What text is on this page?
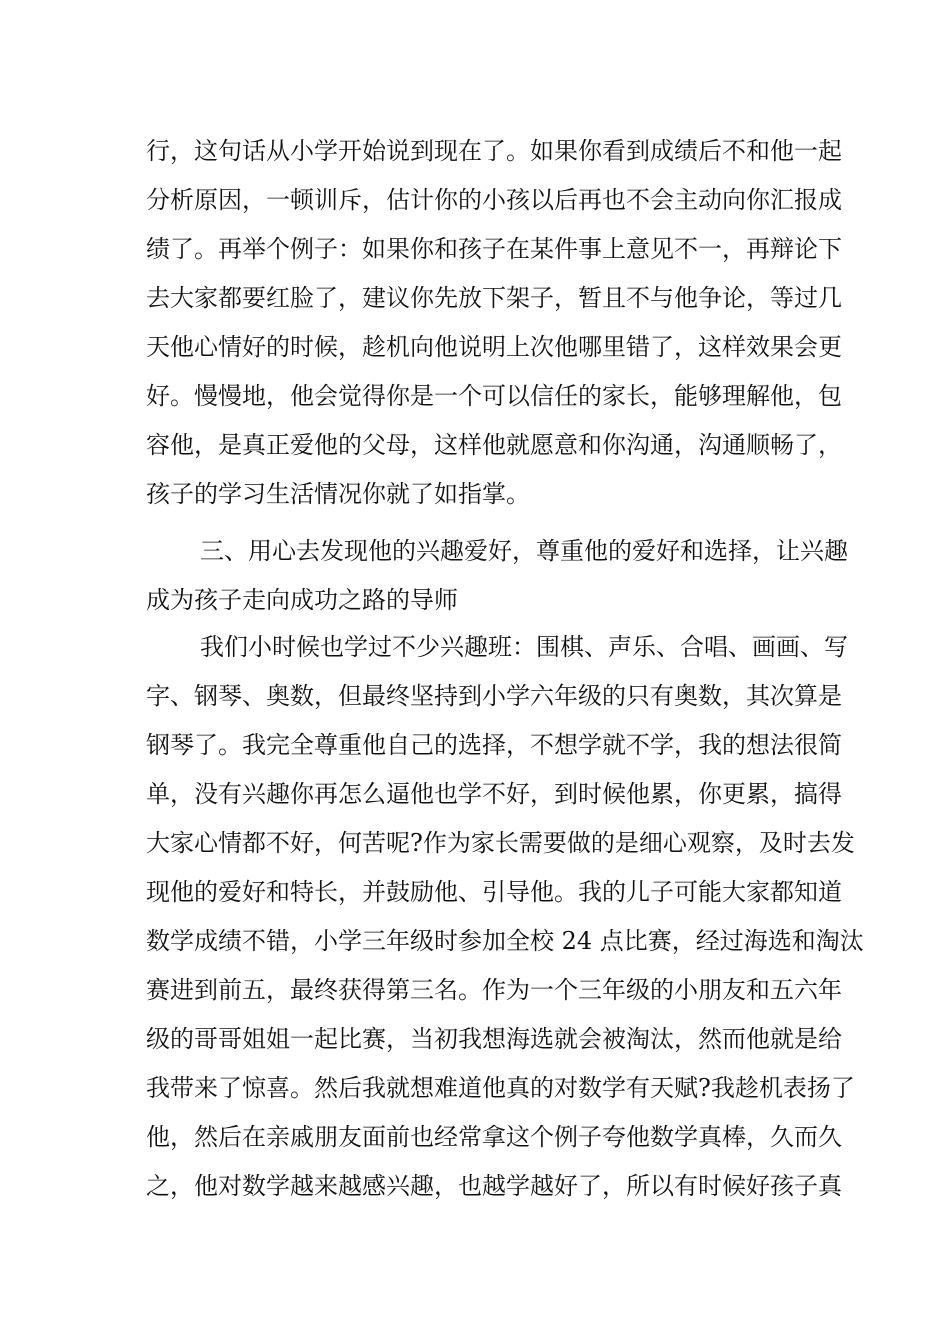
行，这句话从小学开始说到现在了。如果你看到成绩后不和他一起
分析原因，一顿训斥，估计你的小孩以后再也不会主动向你汇报成
绩了。再举个例子：如果你和孩子在某件事上意见不一，再辩论下
去大家都要红脸了，建议你先放下架子，暂且不与他争论，等过几
天他心情好的时候，趁机向他说明上次他哪里错了，这样效果会更
好。慢慢地，他会觉得你是一个可以信任的家长，能够理解他，包
容他，是真正爱他的父母，这样他就愿意和你沟通，沟通顺畅了，
孩子的学习生活情况你就了如指掌。
三、用心去发现他的兴趣爱好，尊重他的爱好和选择，让兴趣
成为孩子走向成功之路的导师
我们小时候也学过不少兴趣班：围棋、声乐、合唱、画画、写
字、钢琴、奥数，但最终坚持到小学六年级的只有奥数，其次算是
钢琴了。我完全尊重他自己的选择，不想学就不学，我的想法很简
单，没有兴趣你再怎么逼他也学不好，到时候他累，你更累，搞得
大家心情都不好，何苦呢?作为家长需要做的是细心观察，及时去发
现他的爱好和特长，并鼓励他、引导他。我的儿子可能大家都知道
数学成绩不错，小学三年级时参加全校 24 点比赛，经过海选和淘汰
赛进到前五，最终获得第三名。作为一个三年级的小朋友和五六年
级的哥哥姐姐一起比赛，当初我想海选就会被淘汰，然而他就是给
我带来了惊喜。然后我就想难道他真的对数学有天赋?我趁机表扬了
他，然后在亲戚朋友面前也经常拿这个例子夸他数学真棒，久而久
之，他对数学越来越感兴趣，也越学越好了，所以有时候好孩子真
